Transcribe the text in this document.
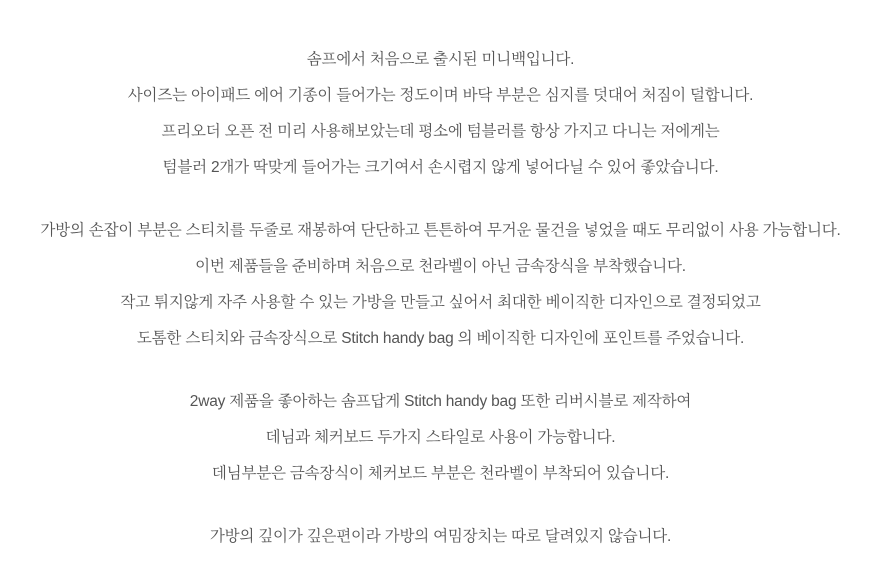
솜프에서 처음으로 출시된 미니백입니다.
사이즈는 아이패드 에어 기종이 들어가는 정도이며 바닥 부분은 심지를 덧대어 처짐이 덜합니다.
프리오더 오픈 전 미리 사용해보았는데 평소에 텀블러를 항상 가지고 다니는 저에게는
텀블러 2개가 딱맞게 들어가는 크기여서 손시렵지 않게 넣어다닐 수 있어 좋았습니다.

가방의 손잡이 부분은 스티치를 두줄로 재봉하여 단단하고 튼튼하여 무거운 물건을 넣었을 때도 무리없이 사용 가능합니다.
이번 제품들을 준비하며 처음으로 천라벨이 아닌 금속장식을 부착했습니다.
작고 튀지않게 자주 사용할 수 있는 가방을 만들고 싶어서 최대한 베이직한 디자인으로 결정되었고
도톰한 스티치와 금속장식으로 Stitch handy bag 의 베이직한 디자인에 포인트를 주었습니다.

2way 제품을 좋아하는 솜프답게 Stitch handy bag 또한 리버시블로 제작하여
데님과 체커보드 두가지 스타일로 사용이 가능합니다.
데님부분은 금속장식이 체커보드 부분은 천라벨이 부착되어 있습니다.

가방의 깊이가 깊은편이라 가방의 여밈장치는 따로 달려있지 않습니다.
